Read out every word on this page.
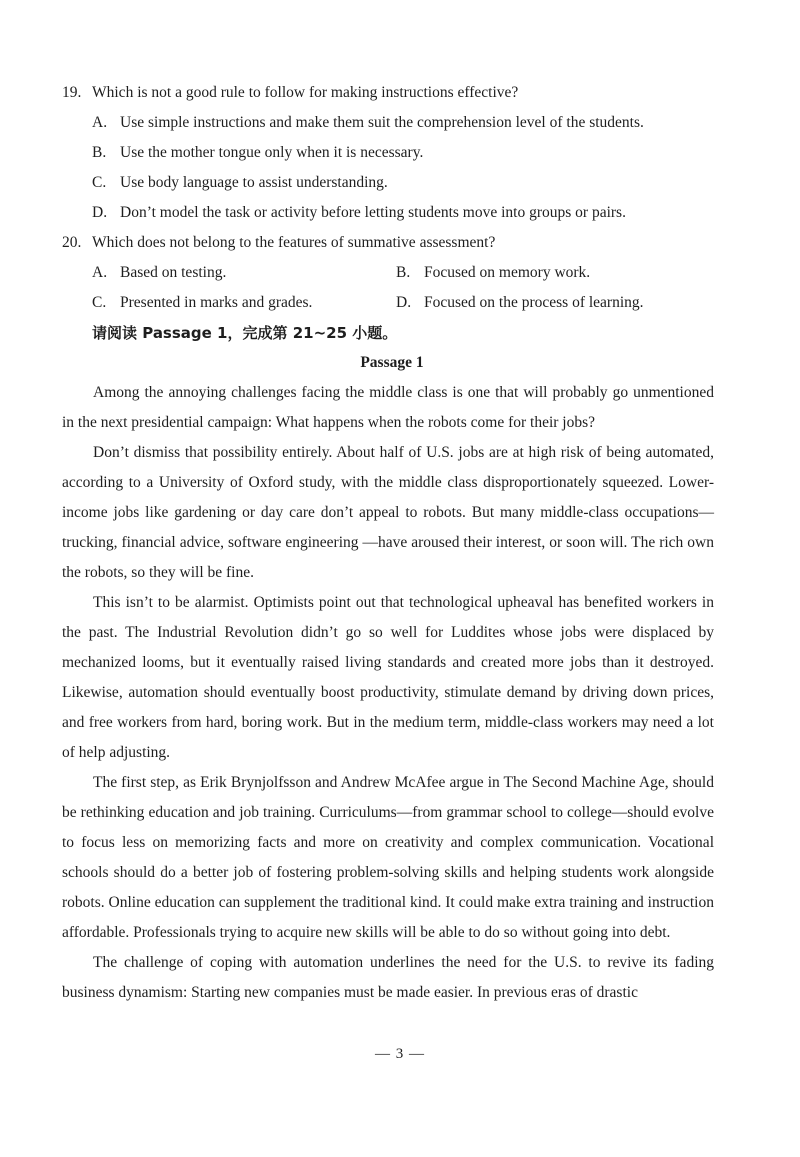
19. Which is not a good rule to follow for making instructions effective?
A. Use simple instructions and make them suit the comprehension level of the students.
B. Use the mother tongue only when it is necessary.
C. Use body language to assist understanding.
D. Don’t model the task or activity before letting students move into groups or pairs.
20. Which does not belong to the features of summative assessment?
A. Based on testing.	B. Focused on memory work.
C. Presented in marks and grades.	D. Focused on the process of learning.
请阅读 Passage 1，完成第 21~25 小题。
Passage 1

Among the annoying challenges facing the middle class is one that will probably go unmentioned in the next presidential campaign: What happens when the robots come for their jobs?

Don’t dismiss that possibility entirely. About half of U.S. jobs are at high risk of being automated, according to a University of Oxford study, with the middle class disproportionately squeezed. Lower-income jobs like gardening or day care don’t appeal to robots. But many middle-class occupations—trucking, financial advice, software engineering —have aroused their interest, or soon will. The rich own the robots, so they will be fine.

This isn’t to be alarmist. Optimists point out that technological upheaval has benefited workers in the past. The Industrial Revolution didn’t go so well for Luddites whose jobs were displaced by mechanized looms, but it eventually raised living standards and created more jobs than it destroyed. Likewise, automation should eventually boost productivity, stimulate demand by driving down prices, and free workers from hard, boring work. But in the medium term, middle-class workers may need a lot of help adjusting.

The first step, as Erik Brynjolfsson and Andrew McAfee argue in The Second Machine Age, should be rethinking education and job training. Curriculums—from grammar school to college—should evolve to focus less on memorizing facts and more on creativity and complex communication. Vocational schools should do a better job of fostering problem-solving skills and helping students work alongside robots. Online education can supplement the traditional kind. It could make extra training and instruction affordable. Professionals trying to acquire new skills will be able to do so without going into debt.

The challenge of coping with automation underlines the need for the U.S. to revive its fading business dynamism: Starting new companies must be made easier. In previous eras of drastic

— 3 —
